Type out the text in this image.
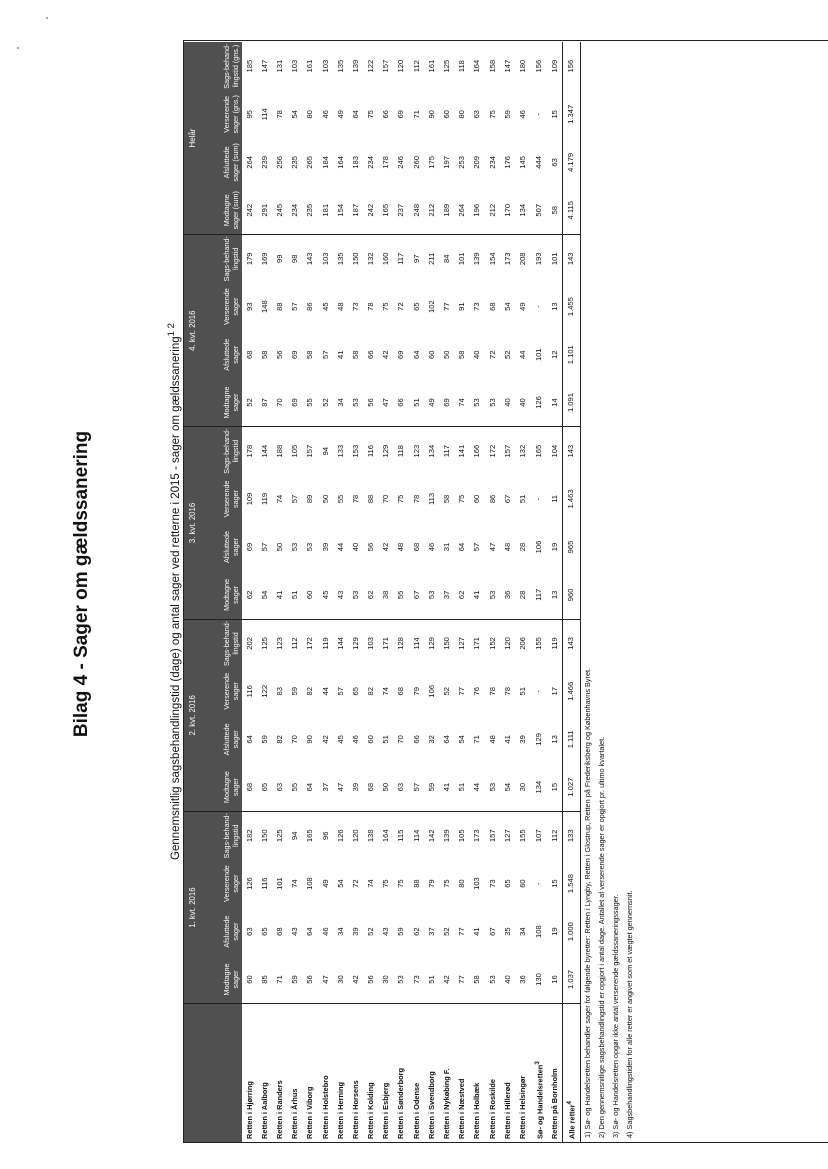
Bilag 4 - Sager om gældssanering	Gennemsnitlig sagsbehandlingstid (dage) og antal sager ved retterne i 2015 - sager om gældssanering$^{1 2}$
	1. kvt. 2016				2. kvt. 2016				3. kvt. 2016				4. kvt. 2016				Helår			
	Modtagne sager	Afsluttede sager	Verserende sager	Sags-behand-lingstid	Modtagne sager	Afsluttede sager	Verserende sager	Sags-behand-lingstid	Modtagne sager	Afsluttede sager	Verserende sager	Sags-behand-lingstid	Modtagne sager	Afsluttede sager	Verserende sager	Sags-behand-lingstid	Modtagne sager (sum)	Afsluttede sager (sum)	Verserende sager (gns.)	Sags-behand-lingstid (gns.)
Retten i Hjørring	60	63	126	182	68	64	116	202	62	69	109	178	52	68	93	179	242	264	95	185
Retten i Aalborg	85	65	116	150	65	59	122	125	54	57	119	144	87	58	148	169	291	239	114	147
Retten i Randers	71	68	101	125	63	82	83	123	41	50	74	188	70	56	88	99	245	256	78	131
Retten i Århus	59	43	74	94	55	70	59	112	51	53	57	105	69	69	57	98	234	235	54	103
Retten i Viborg	56	64	108	165	64	90	82	172	60	53	89	157	55	58	86	143	235	265	80	161
Retten i Holstebro	47	46	49	96	37	42	44	119	45	39	50	94	52	57	45	103	181	184	46	103
Retten i Herning	30	34	54	126	47	45	57	144	43	44	55	133	34	41	48	135	154	164	49	135
Retten i Horsens	42	39	72	120	39	46	65	129	53	40	78	153	53	58	73	150	187	183	64	139
Retten i Kolding	56	52	74	138	68	60	82	103	62	56	88	116	56	66	78	132	242	234	75	122
Retten i Esbjerg	30	43	75	164	50	51	74	171	38	42	70	129	47	42	75	160	165	178	66	157
Retten i Sønderborg	53	59	75	115	63	70	68	128	55	48	75	118	66	69	72	117	237	246	69	120
Retten i Odense	73	62	88	114	57	66	79	114	67	68	78	123	51	64	65	97	248	260	71	112
Retten i Svendborg	51	37	79	142	59	32	106	129	53	46	113	134	49	60	102	211	212	175	90	161
Retten i Nykøbing F.	42	52	75	139	41	64	52	150	37	31	58	117	69	50	77	84	189	197	60	125
Retten i Næstved	77	77	80	105	51	54	77	127	62	64	75	141	74	58	91	101	264	253	80	118
Retten i Holbæk	58	41	103	173	44	71	76	171	41	57	60	166	53	40	73	139	196	209	63	164
Retten i Roskilde	53	67	73	157	53	48	78	152	53	47	86	172	53	72	68	154	212	234	75	158
Retten i Hillerød	40	35	65	127	54	41	78	120	36	48	67	157	40	52	54	173	170	176	59	147
Retten i Helsingør	36	34	60	155	30	39	51	206	28	28	51	132	40	44	49	208	134	145	46	180
Sø- og Handelsretten$^3$	130	108	-	107	134	129	-	155	117	106	-	165	126	101	-	193	507	444	-	156
Retten på Bornholm	16	19	15	112	15	13	17	119	13	19	11	104	14	12	13	101	58	63	15	109
Alle retter$^4$	1.037	1.000	1.548	133	1.027	1.111	1.466	143	960	965	1.463	143	1.091	1.101	1.455	143	4.115	4.179	1.347	156
1) Sø- og Handelsretten behandler sager for følgende byretter: Retten i Lyngby, Retten i Glostrup, Retten på Frederiksberg og Københavns Byret.																				
2) Den gennemsnitlige sagsbehandlingstid er opgjort i antal dage. Antallet af verserende sager er opgjort pr. ultimo kvartalet.																				
3) Sø- og Handelsretten opgør ikke antal verserende gældssaneringssager.																				
4) Sagsbehandlingstiden for alle retter er angivet som et vægtet gennemsnit.																				
